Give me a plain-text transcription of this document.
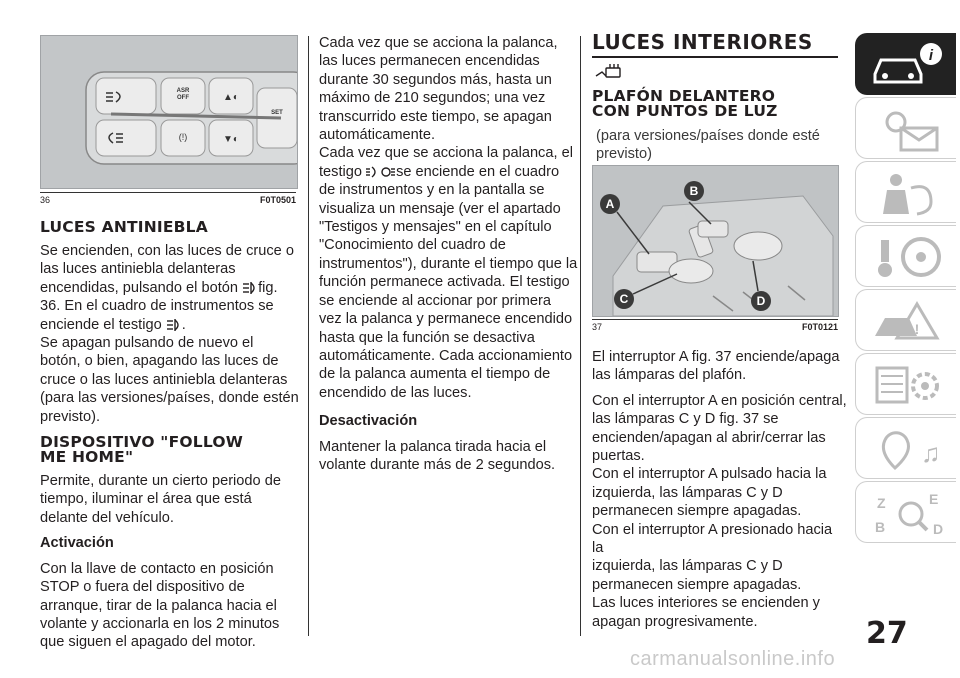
ASR
OFF
SET
▲◐
▼◐
(!)
36	F0T0501

LUCES ANTINIEBLA

Se encienden, con las luces de cruce o

las luces antiniebla delanteras

encendidas, pulsando el botón fig.

36. En el cuadro de instrumentos se

enciende el testigo .

Se apagan pulsando de nuevo el

botón, o bien, apagando las luces de

cruce o las luces antiniebla delanteras

(para las versiones/países, donde estén

previsto).

DISPOSITIVO "FOLLOW
ME HOME"

Permite, durante un cierto periodo de

tiempo, iluminar el área que está

delante del vehículo.

Activación

Con la llave de contacto en posición

STOP o fuera del dispositivo de

arranque, tirar de la palanca hacia el

volante y accionarla en los 2 minutos

que siguen el apagado del motor.

Cada vez que se acciona la palanca,

las luces permanecen encendidas

durante 30 segundos más, hasta un

máximo de 210 segundos; una vez

transcurrido este tiempo, se apagan

automáticamente.

Cada vez que se acciona la palanca, el

testigo se enciende en el cuadro

de instrumentos y en la pantalla se

visualiza un mensaje (ver el apartado

"Testigos y mensajes" en el capítulo

"Conocimiento del cuadro de

instrumentos"), durante el tiempo que la

función permanece activada. El testigo

se enciende al accionar por primera

vez la palanca y permanece encendido

hasta que la función se desactiva

automáticamente. Cada accionamiento

de la palanca aumenta el tiempo de

encendido de las luces.

Desactivación

Mantener la palanca tirada hacia el

volante durante más de 2 segundos.

LUCES INTERIORES

PLAFÓN DELANTERO
CON PUNTOS DE LUZ

(para versiones/países donde esté

previsto)

A
B
C	D
37	F0T0121

El interruptor A fig. 37 enciende/apaga

las lámparas del plafón.

Con el interruptor A en posición central,

las lámparas C y D fig. 37 se

encienden/apagan al abrir/cerrar las

puertas.

Con el interruptor A pulsado hacia la

izquierda, las lámparas C y D

permanecen siempre apagadas.

Con el interruptor A presionado hacia la

izquierda, las lámparas C y D

permanecen siempre apagadas.

Las luces interiores se encienden y

apagan progresivamente.

i
!
♫
Z	E
B	D
27
carmanualsonline.info
